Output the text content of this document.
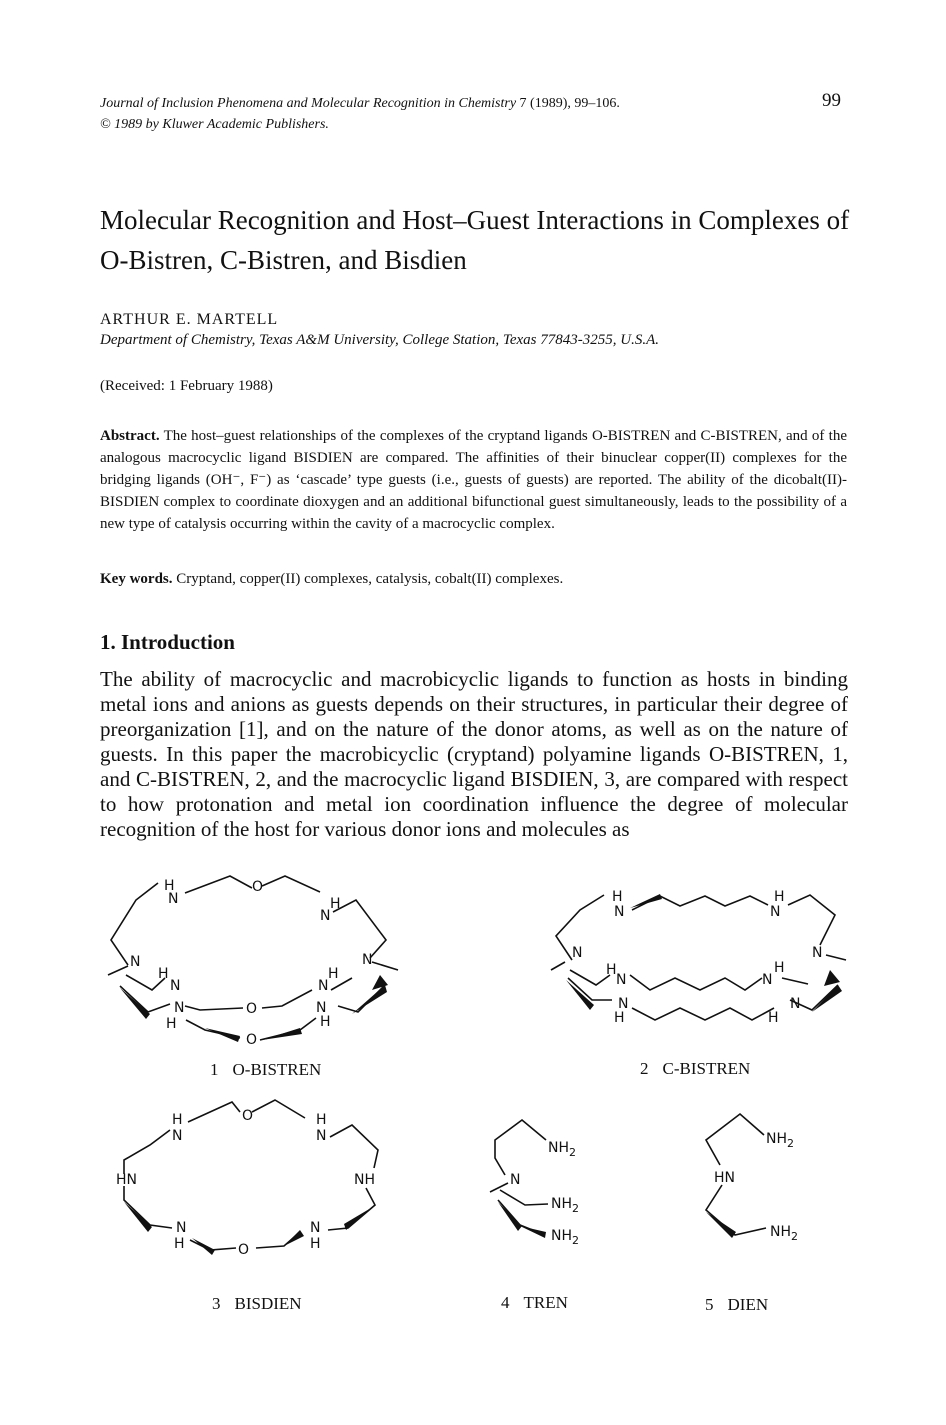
Journal of Inclusion Phenomena and Molecular Recognition in Chemistry 7 (1989), 99–106.
© 1989 by Kluwer Academic Publishers.
99
Molecular Recognition and Host–Guest Interactions in Complexes of O-Bistren, C-Bistren, and Bisdien
ARTHUR E. MARTELL
Department of Chemistry, Texas A&M University, College Station, Texas 77843-3255, U.S.A.
(Received: 1 February 1988)
Abstract. The host–guest relationships of the complexes of the cryptand ligands O-BISTREN and C-BISTREN, and of the analogous macrocyclic ligand BISDIEN are compared. The affinities of their binuclear copper(II) complexes for the bridging ligands (OH⁻, F⁻) as ‘cascade’ type guests (i.e., guests of guests) are reported. The ability of the dicobalt(II)-BISDIEN complex to coordinate dioxygen and an additional bifunctional guest simultaneously, leads to the possibility of a new type of catalysis occurring within the cavity of a macrocyclic complex.
Key words. Cryptand, copper(II) complexes, catalysis, cobalt(II) complexes.
1. Introduction
The ability of macrocyclic and macrobicyclic ligands to function as hosts in binding metal ions and anions as guests depends on their structures, in particular their degree of preorganization [1], and on the nature of the donor atoms, as well as on the nature of guests. In this paper the macrobicyclic (cryptand) polyamine ligands O-BISTREN, 1, and C-BISTREN, 2, and the macrocyclic ligand BISDIEN, 3, are compared with respect to how protonation and metal ion coordination influence the degree of molecular recognition of the host for various donor ions and molecules as
H
N
O
H
N
N	N
H
N	N
H
N
H
O	N
H
O
H
N
H
N
N	N
H
N	N
H
N
H
N
H
H
N
O	H
N
HN	NH
N
H	O
N
H
$NH_2$
N
$NH_2$
$NH_2$
$NH_2$
HN
$NH_2$
1 O-BISTREN	2 C-BISTREN
3 BISDIEN	4 TREN	5 DIEN
